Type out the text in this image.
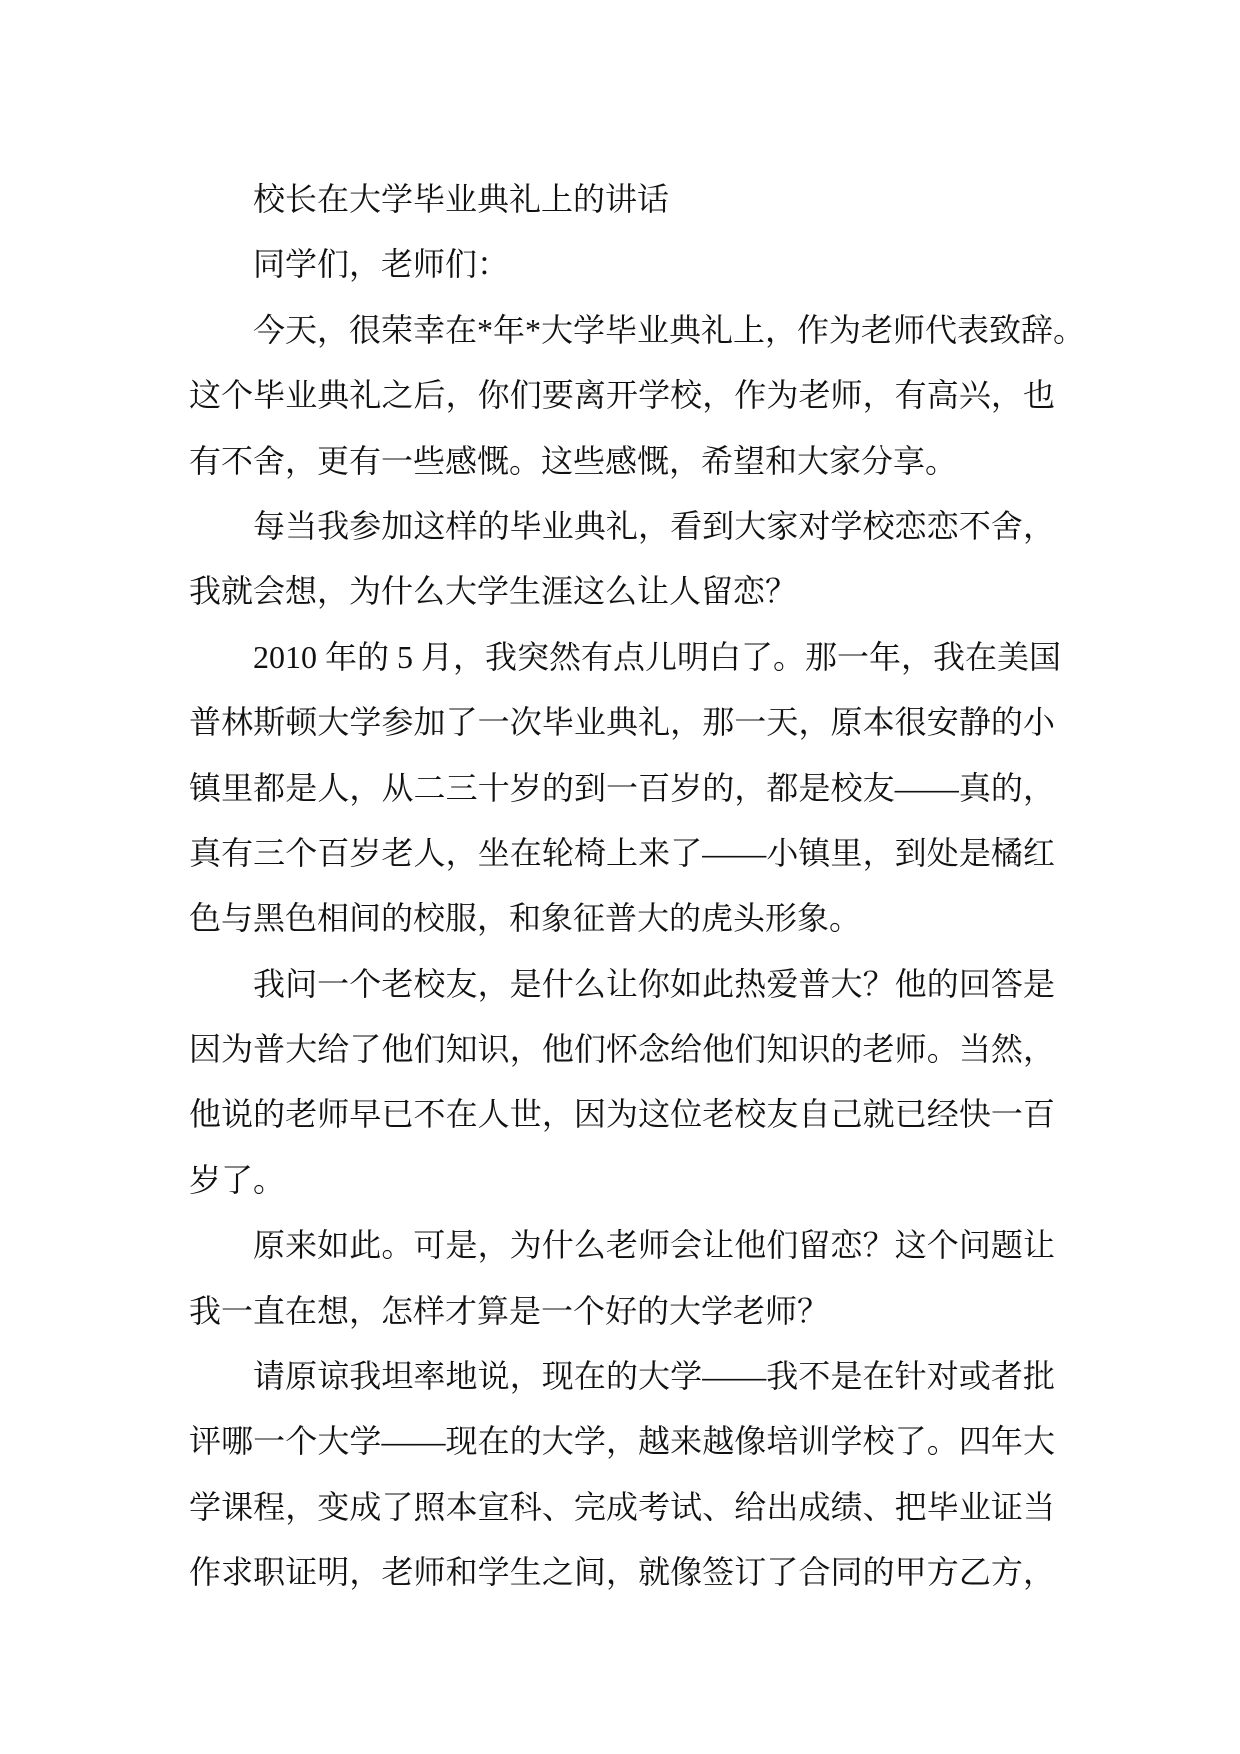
校长在大学毕业典礼上的讲话
同学们，老师们：
今天，很荣幸在*年*大学毕业典礼上，作为老师代表致辞。
这个毕业典礼之后，你们要离开学校，作为老师，有高兴，也
有不舍，更有一些感慨。这些感慨，希望和大家分享。
每当我参加这样的毕业典礼，看到大家对学校恋恋不舍，
我就会想，为什么大学生涯这么让人留恋？
2010 年的 5 月，我突然有点儿明白了。那一年，我在美国
普林斯顿大学参加了一次毕业典礼，那一天，原本很安静的小
镇里都是人，从二三十岁的到一百岁的，都是校友——真的，
真有三个百岁老人，坐在轮椅上来了——小镇里，到处是橘红
色与黑色相间的校服，和象征普大的虎头形象。
我问一个老校友，是什么让你如此热爱普大？他的回答是
因为普大给了他们知识，他们怀念给他们知识的老师。当然，
他说的老师早已不在人世，因为这位老校友自己就已经快一百
岁了。
原来如此。可是，为什么老师会让他们留恋？这个问题让
我一直在想，怎样才算是一个好的大学老师？
请原谅我坦率地说，现在的大学——我不是在针对或者批
评哪一个大学——现在的大学，越来越像培训学校了。四年大
学课程，变成了照本宣科、完成考试、给出成绩、把毕业证当
作求职证明，老师和学生之间，就像签订了合同的甲方乙方，
